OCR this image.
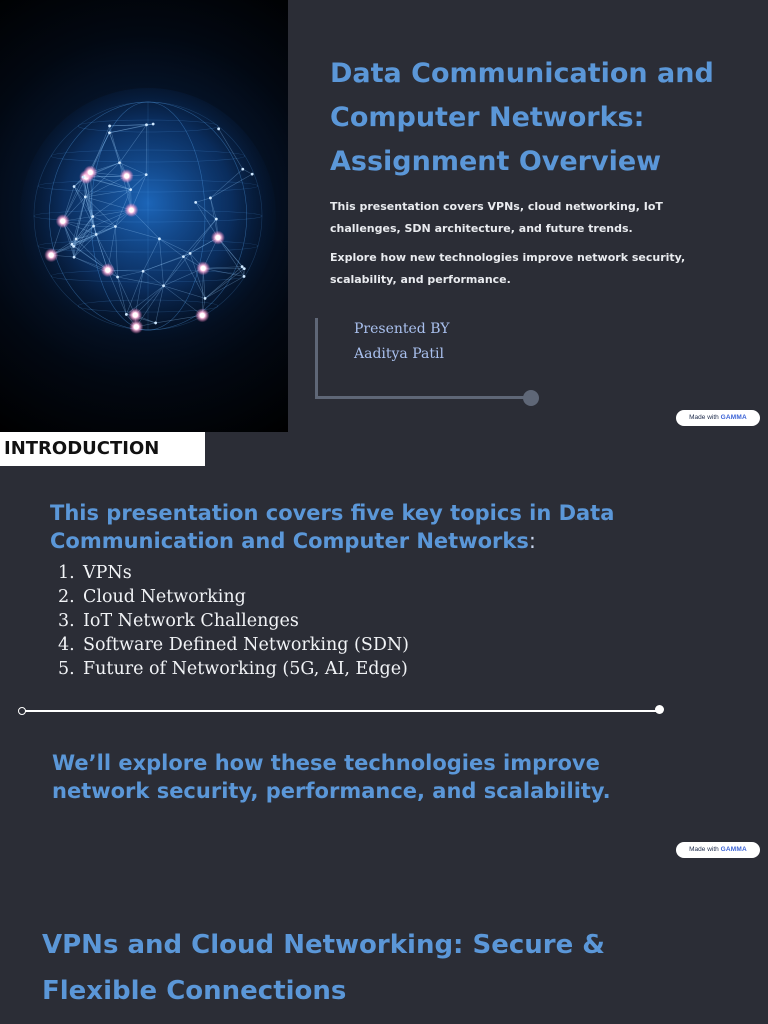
Data Communication and Computer Networks: Assignment Overview

This presentation covers VPNs, cloud networking, IoT challenges, SDN architecture, and future trends.

Explore how new technologies improve network security, scalability, and performance.

Presented BY
Aaditya Patil
Made with GAMMA
INTRODUCTION

This presentation covers five key topics in Data Communication and Computer Networks:

1. VPNs
2. Cloud Networking
3. IoT Network Challenges
4. Software Defined Networking (SDN)
5. Future of Networking (5G, AI, Edge)

We’ll explore how these technologies improve network security, performance, and scalability.

Made with GAMMA
VPNs and Cloud Networking: Secure & Flexible Connections
